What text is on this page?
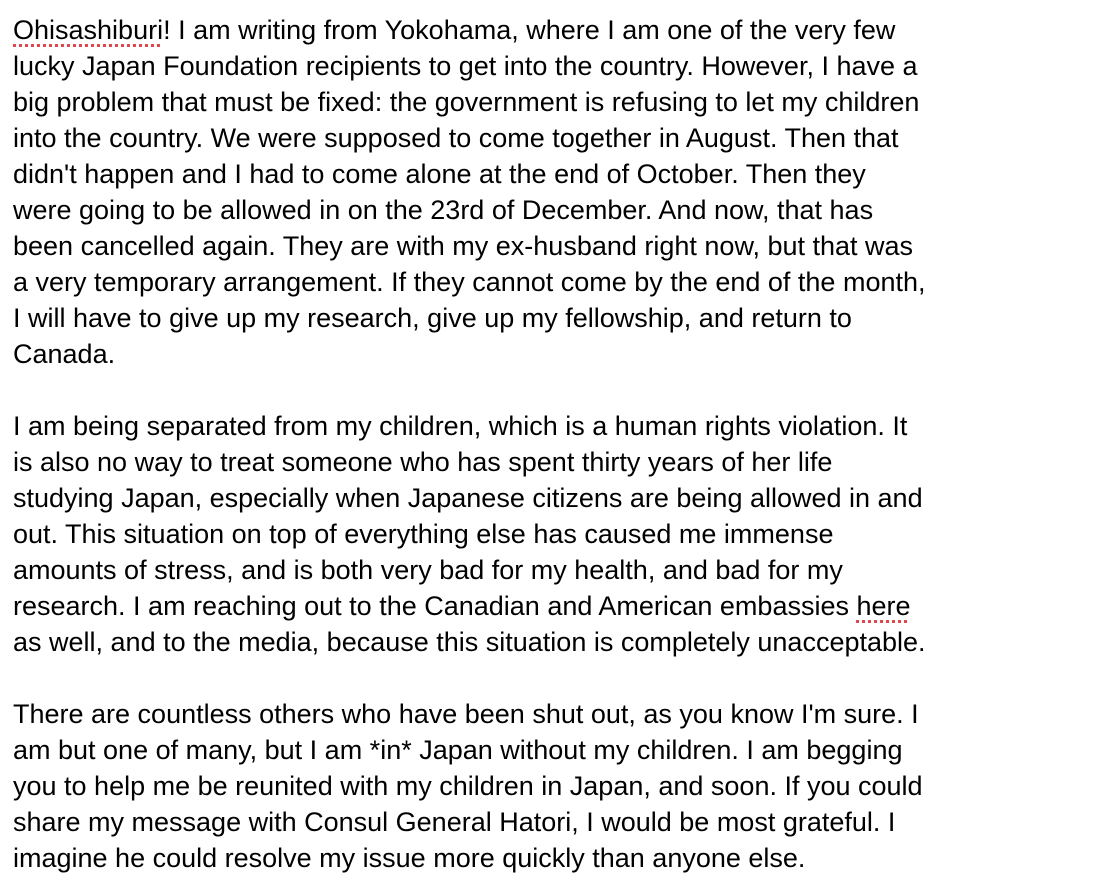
Ohisashiburi! I am writing from Yokohama, where I am one of the very few
lucky Japan Foundation recipients to get into the country. However, I have a
big problem that must be fixed: the government is refusing to let my children
into the country. We were supposed to come together in August. Then that
didn't happen and I had to come alone at the end of October. Then they
were going to be allowed in on the 23rd of December. And now, that has
been cancelled again. They are with my ex-husband right now, but that was
a very temporary arrangement. If they cannot come by the end of the month,
I will have to give up my research, give up my fellowship, and return to
Canada.
I am being separated from my children, which is a human rights violation. It
is also no way to treat someone who has spent thirty years of her life
studying Japan, especially when Japanese citizens are being allowed in and
out. This situation on top of everything else has caused me immense
amounts of stress, and is both very bad for my health, and bad for my
research. I am reaching out to the Canadian and American embassies here
as well, and to the media, because this situation is completely unacceptable.
There are countless others who have been shut out, as you know I'm sure. I
am but one of many, but I am *in* Japan without my children. I am begging
you to help me be reunited with my children in Japan, and soon. If you could
share my message with Consul General Hatori, I would be most grateful. I
imagine he could resolve my issue more quickly than anyone else.
